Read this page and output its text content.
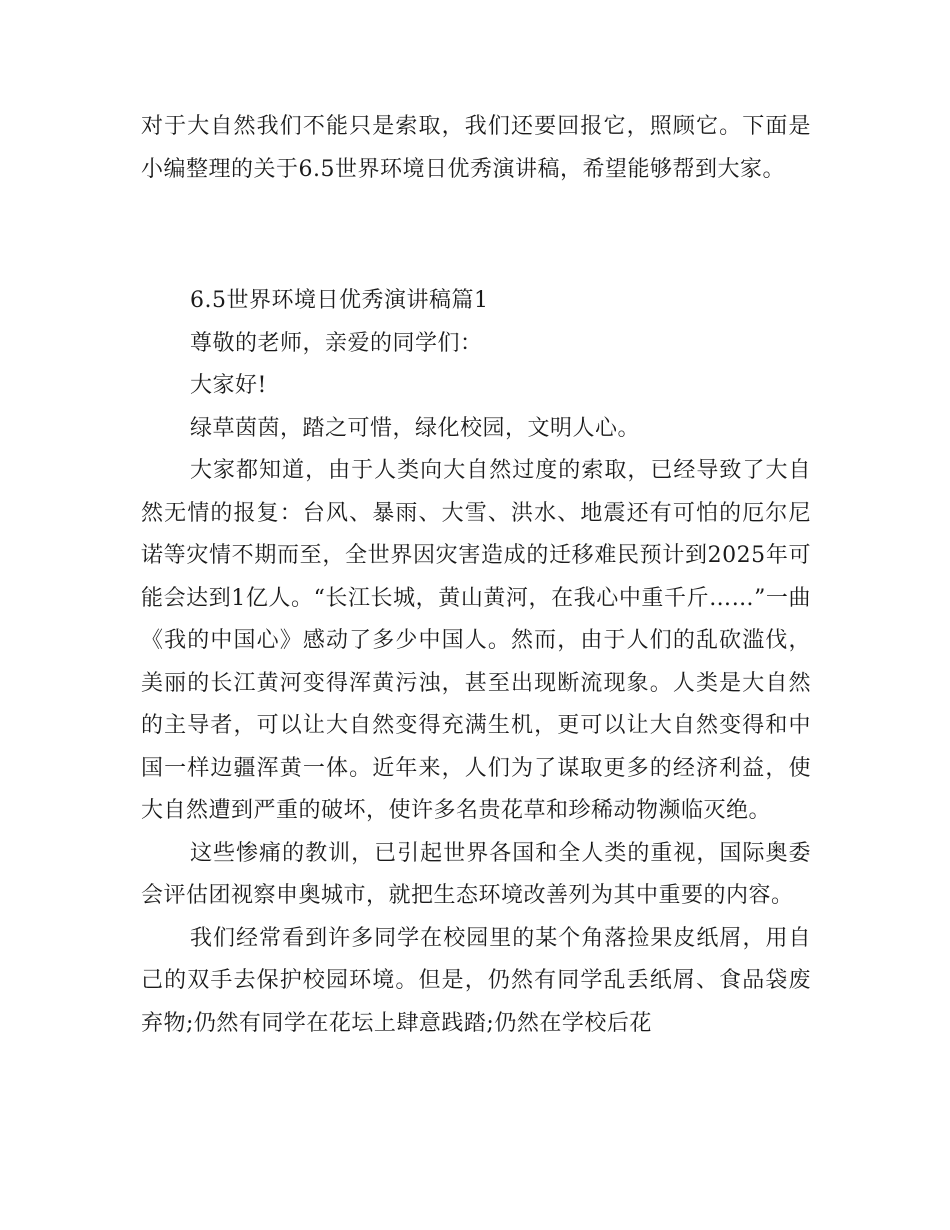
对于大自然我们不能只是索取，我们还要回报它，照顾它。下面是小编整理的关于6.5世界环境日优秀演讲稿，希望能够帮到大家。

6.5世界环境日优秀演讲稿篇1

尊敬的老师，亲爱的同学们：

大家好!

绿草茵茵，踏之可惜，绿化校园，文明人心。

大家都知道，由于人类向大自然过度的索取，已经导致了大自然无情的报复：台风、暴雨、大雪、洪水、地震还有可怕的厄尔尼诺等灾情不期而至，全世界因灾害造成的迁移难民预计到2025年可能会达到1亿人。“长江长城，黄山黄河，在我心中重千斤……”一曲《我的中国心》感动了多少中国人。然而，由于人们的乱砍滥伐，美丽的长江黄河变得浑黄污浊，甚至出现断流现象。人类是大自然的主导者，可以让大自然变得充满生机，更可以让大自然变得和中国一样边疆浑黄一体。近年来，人们为了谋取更多的经济利益，使大自然遭到严重的破坏，使许多名贵花草和珍稀动物濒临灭绝。

这些惨痛的教训，已引起世界各国和全人类的重视，国际奥委会评估团视察申奥城市，就把生态环境改善列为其中重要的内容。

我们经常看到许多同学在校园里的某个角落捡果皮纸屑，用自己的双手去保护校园环境。但是，仍然有同学乱丢纸屑、食品袋废弃物;仍然有同学在花坛上肆意践踏;仍然在学校后花
